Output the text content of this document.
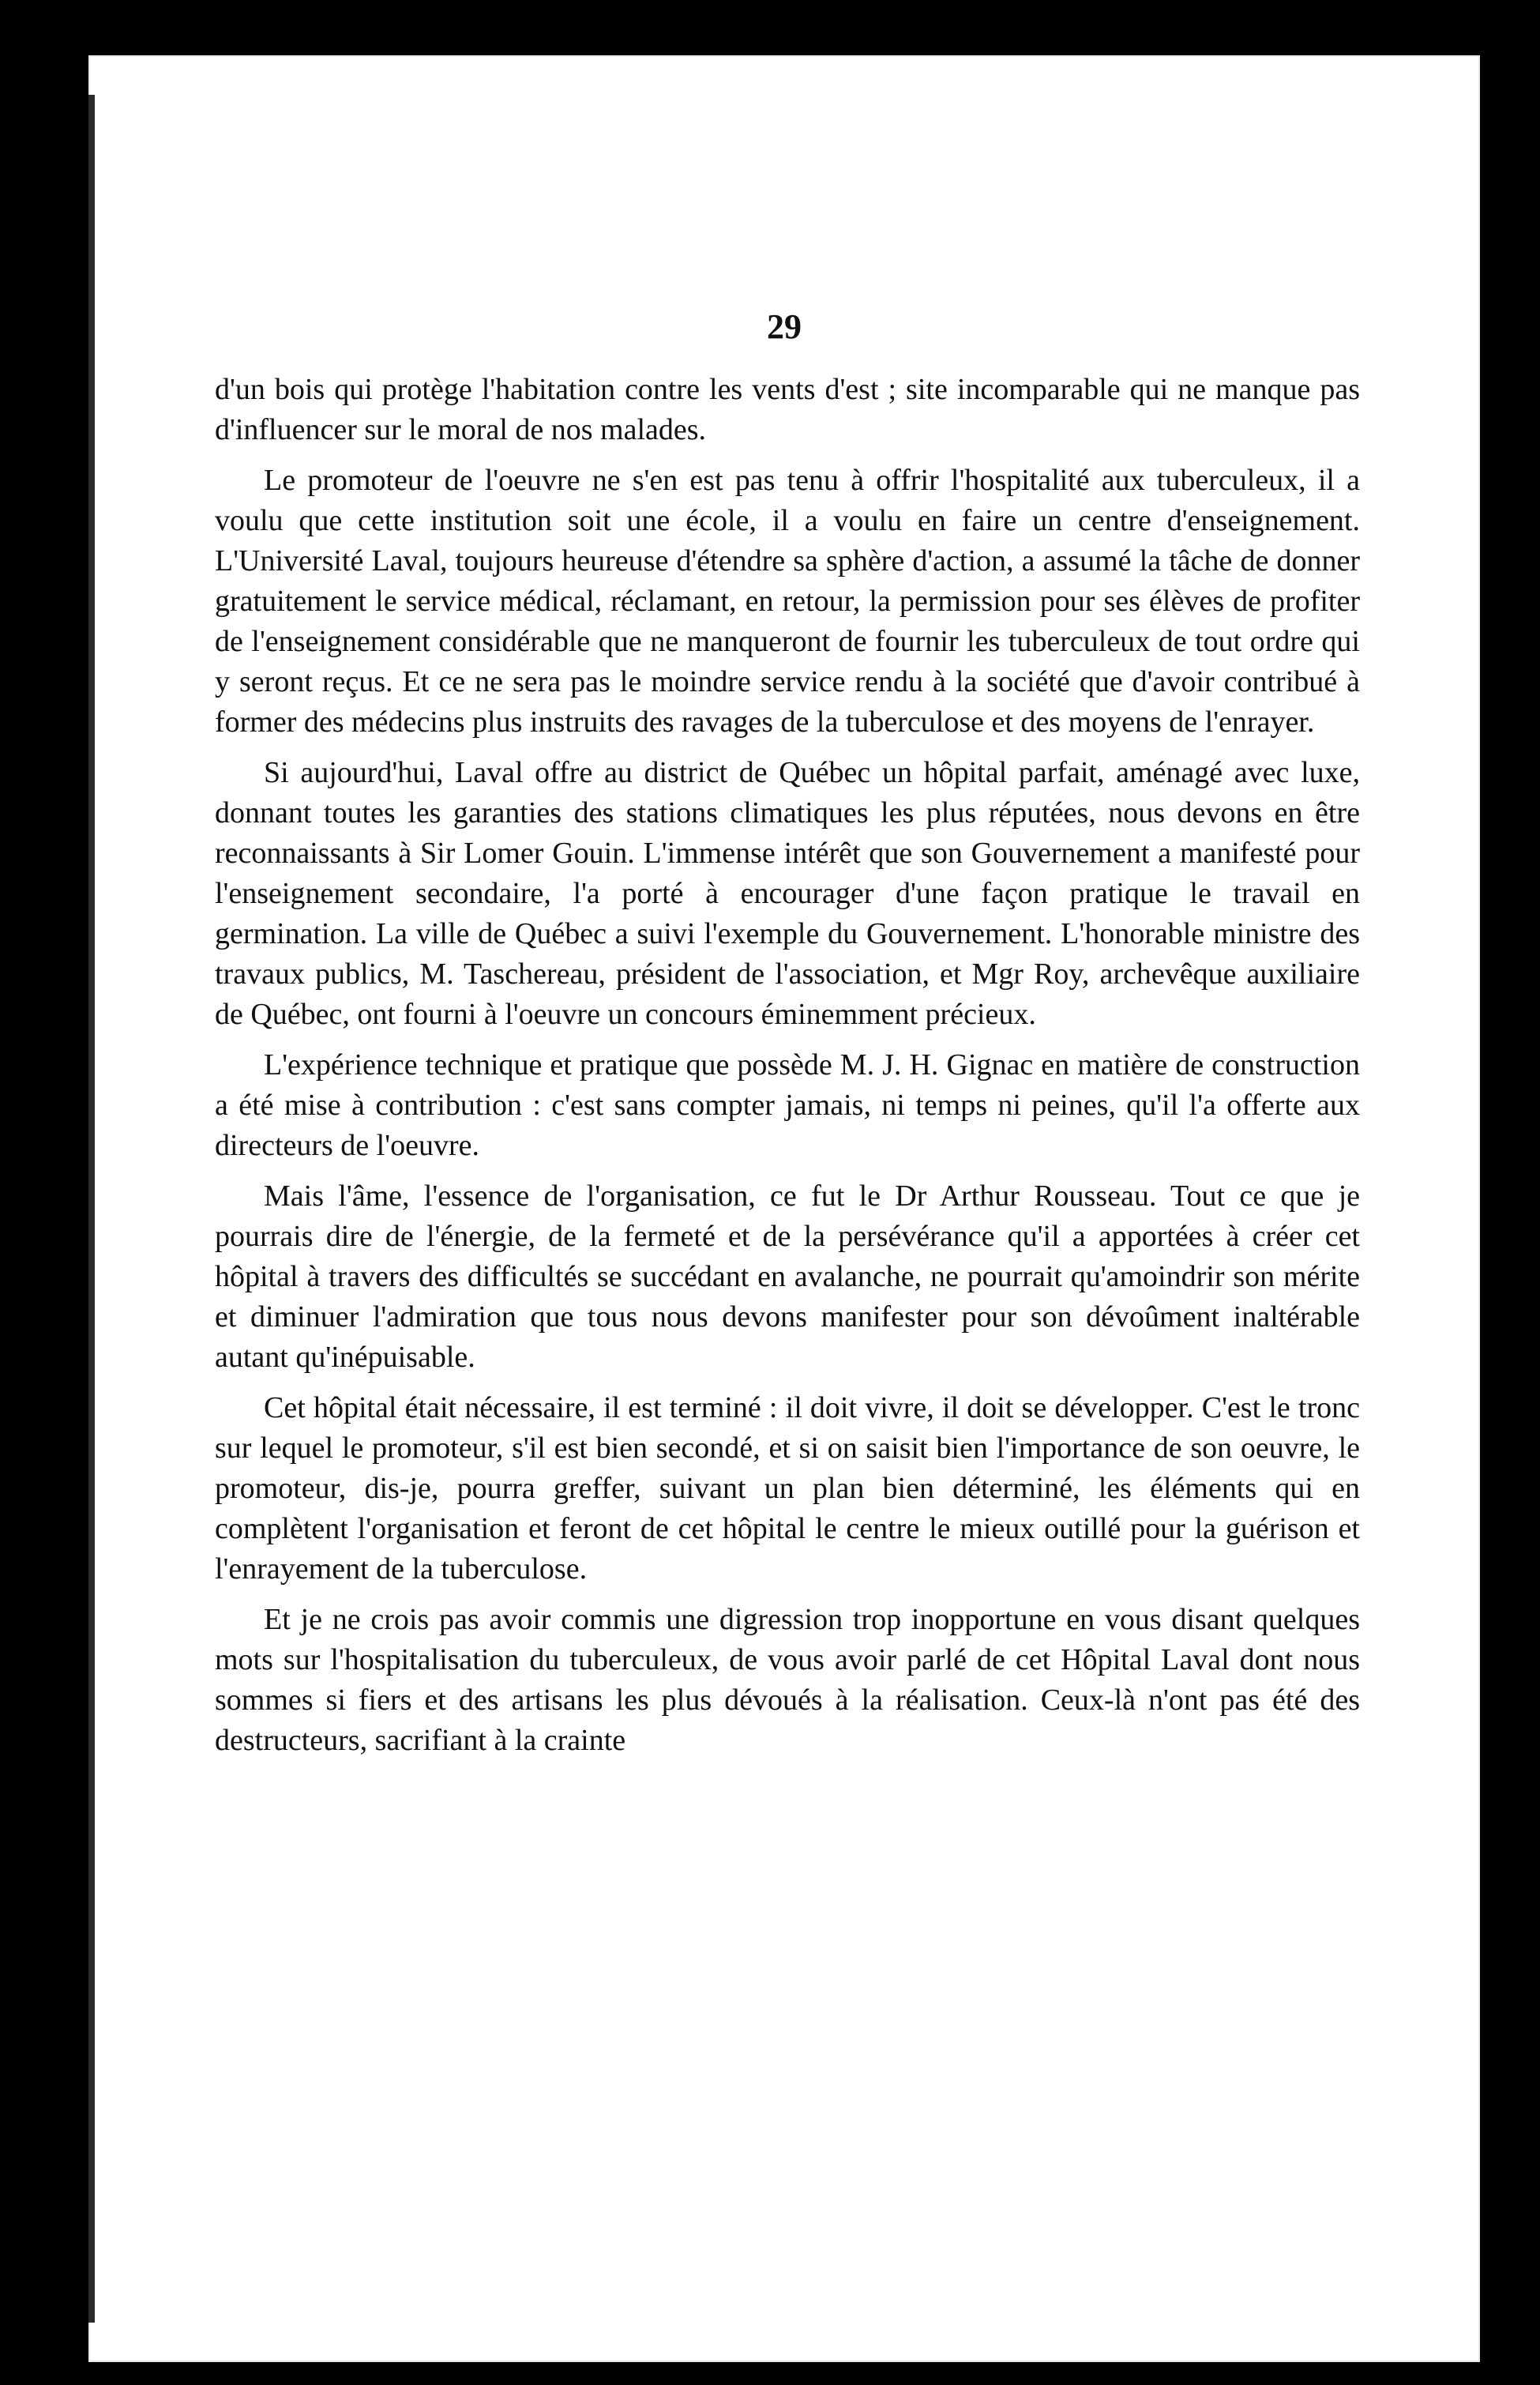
29

d'un bois qui protège l'habitation contre les vents d'est ; site incomparable qui ne manque pas d'influencer sur le moral de nos malades.

Le promoteur de l'oeuvre ne s'en est pas tenu à offrir l'hospitalité aux tuberculeux, il a voulu que cette institution soit une école, il a voulu en faire un centre d'enseignement. L'Université Laval, toujours heureuse d'étendre sa sphère d'action, a assumé la tâche de donner gratuitement le service médical, réclamant, en retour, la permission pour ses élèves de profiter de l'enseignement considérable que ne manqueront de fournir les tuberculeux de tout ordre qui y seront reçus. Et ce ne sera pas le moindre service rendu à la société que d'avoir contribué à former des médecins plus instruits des ravages de la tuberculose et des moyens de l'enrayer.

Si aujourd'hui, Laval offre au district de Québec un hôpital parfait, aménagé avec luxe, donnant toutes les garanties des stations climatiques les plus réputées, nous devons en être reconnaissants à Sir Lomer Gouin. L'immense intérêt que son Gouvernement a manifesté pour l'enseignement secondaire, l'a porté à encourager d'une façon pratique le travail en germination. La ville de Québec a suivi l'exemple du Gouvernement. L'honorable ministre des travaux publics, M. Taschereau, président de l'association, et Mgr Roy, archevêque auxiliaire de Québec, ont fourni à l'oeuvre un concours éminemment précieux.

L'expérience technique et pratique que possède M. J. H. Gignac en matière de construction a été mise à contribution : c'est sans compter jamais, ni temps ni peines, qu'il l'a offerte aux directeurs de l'oeuvre.

Mais l'âme, l'essence de l'organisation, ce fut le Dr Arthur Rousseau. Tout ce que je pourrais dire de l'énergie, de la fermeté et de la persévérance qu'il a apportées à créer cet hôpital à travers des difficultés se succédant en avalanche, ne pourrait qu'amoindrir son mérite et diminuer l'admiration que tous nous devons manifester pour son dévoûment inaltérable autant qu'inépuisable.

Cet hôpital était nécessaire, il est terminé : il doit vivre, il doit se développer. C'est le tronc sur lequel le promoteur, s'il est bien secondé, et si on saisit bien l'importance de son oeuvre, le promoteur, dis-je, pourra greffer, suivant un plan bien déterminé, les éléments qui en complètent l'organisation et feront de cet hôpital le centre le mieux outillé pour la guérison et l'enrayement de la tuberculose.

Et je ne crois pas avoir commis une digression trop inopportune en vous disant quelques mots sur l'hospitalisation du tuberculeux, de vous avoir parlé de cet Hôpital Laval dont nous sommes si fiers et des artisans les plus dévoués à la réalisation. Ceux-là n'ont pas été des destructeurs, sacrifiant à la crainte
